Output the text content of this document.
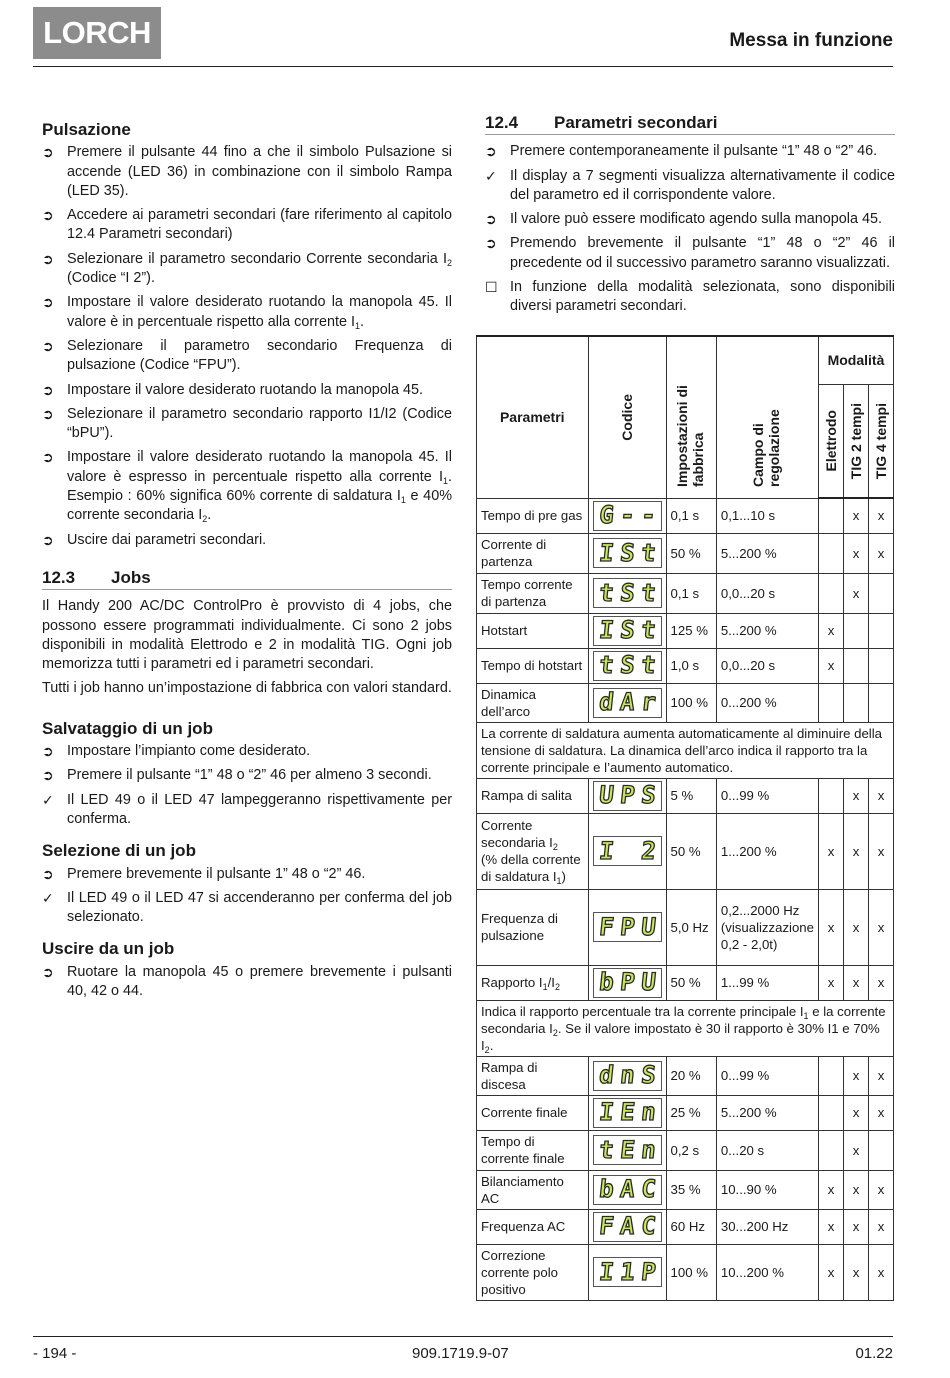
LORCH	Messa in funzione
Pulsazione
➲ Premere il pulsante 44 fino a che il simbolo Pulsazione si accende (LED 36) in combinazione con il simbolo Rampa (LED 35).
➲ Accedere ai parametri secondari (fare riferimento al capitolo 12.4 Parametri secondari)
➲ Selezionare il parametro secondario Corrente secondaria $I_2$ (Codice “I 2”).
➲ Impostare il valore desiderato ruotando la manopola 45. Il valore è in percentuale rispetto alla corrente $I_1$.
➲ Selezionare il parametro secondario Frequenza di pulsazione (Codice “FPU”).
➲ Impostare il valore desiderato ruotando la manopola 45.
➲ Selezionare il parametro secondario rapporto I1/I2 (Codice “bPU”).
➲ Impostare il valore desiderato ruotando la manopola 45. Il valore è espresso in percentuale rispetto alla corrente $I_1$. Esempio : 60% significa 60% corrente di saldatura $I_1$ e 40% corrente secondaria $I_2$.
➲ Uscire dai parametri secondari.
12.3	Jobs

Il Handy 200 AC/DC ControlPro è provvisto di 4 jobs, che possono essere programmati individualmente. Ci sono 2 jobs disponibili in modalità Elettrodo e 2 in modalità TIG. Ogni job memorizza tutti i parametri ed i parametri secondari.

Tutti i job hanno un’impostazione di fabbrica con valori standard.

Salvataggio di un job
➲ Impostare l’impianto come desiderato.
➲ Premere il pulsante “1” 48 o “2” 46 per almeno 3 secondi.
✓ Il LED 49 o il LED 47 lampeggeranno rispettivamente per conferma.
Selezione di un job
➲ Premere brevemente il pulsante 1” 48 o “2” 46.
✓ Il LED 49 o il LED 47 si accenderanno per conferma del job selezionato.
Uscire da un job
➲ Ruotare la manopola 45 o premere brevemente i pulsanti 40, 42 o 44.
12.4	Parametri secondari
➲ Premere contemporaneamente il pulsante “1” 48 o “2” 46.
✓ Il display a 7 segmenti visualizza alternativamente il codice del parametro ed il corrispondente valore.
➲ Il valore può essere modificato agendo sulla manopola 45.
➲ Premendo brevemente il pulsante “1” 48 o “2” 46 il precedente od il successivo parametro saranno visualizzati.
☐ In funzione della modalità selezionata, sono disponibili diversi parametri secondari.
Parametri	Codice	Impostazioni di fabbrica	Campo di regolazione	Modalità		

				Elettrodo	TIG 2 tempi	TIG 4 tempi

Tempo di pre gas	G - -	0,1 s	0,1...10 s		x	x
Corrente di partenza	I S t	50 %	5...200 %		x	x
Tempo corrente di partenza	t S t	0,1 s	0,0...20 s		x	
Hotstart	I S t	125 %	5...200 %	x		
Tempo di hotstart	t S t	1,0 s	0,0...20 s	x		
Dinamica dell’arco	d A r	100 %	0...200 %			
La corrente di saldatura aumenta automaticamente al diminuire della tensione di saldatura. La dinamica dell’arco indica il rapporto tra la corrente principale e l’aumento automatico.						
Rampa di salita	U P S	5 %	0...99 %		x	x
Corrente secondaria $I_2$
(% della corrente di saldatura $I_1$)	I 2	50 %	1...200 %	x	x	x
Frequenza di pulsazione	F P U	5,0 Hz	0,2...2000 Hz (visualizzazione 0,2 - 2,0t)	x	x	x
Rapporto $I_1/I_2$	b P U	50 %	1...99 %	x	x	x
Indica il rapporto percentuale tra la corrente principale $I_1$ e la corrente secondaria $I_2$. Se il valore impostato è 30 il rapporto è 30% I1 e 70% $I_2$.						
Rampa di discesa	d n S	20 %	0...99 %		x	x
Corrente finale	I E n	25 %	5...200 %		x	x
Tempo di corrente finale	t E n	0,2 s	0...20 s		x	
Bilanciamento AC	b A C	35 %	10...90 %	x	x	x
Frequenza AC	F A C	60 Hz	30...200 Hz	x	x	x
Correzione corrente polo positivo	I 1 P	100 %	10...200 %	x	x	x
- 194 -	909.1719.9-07	01.22
